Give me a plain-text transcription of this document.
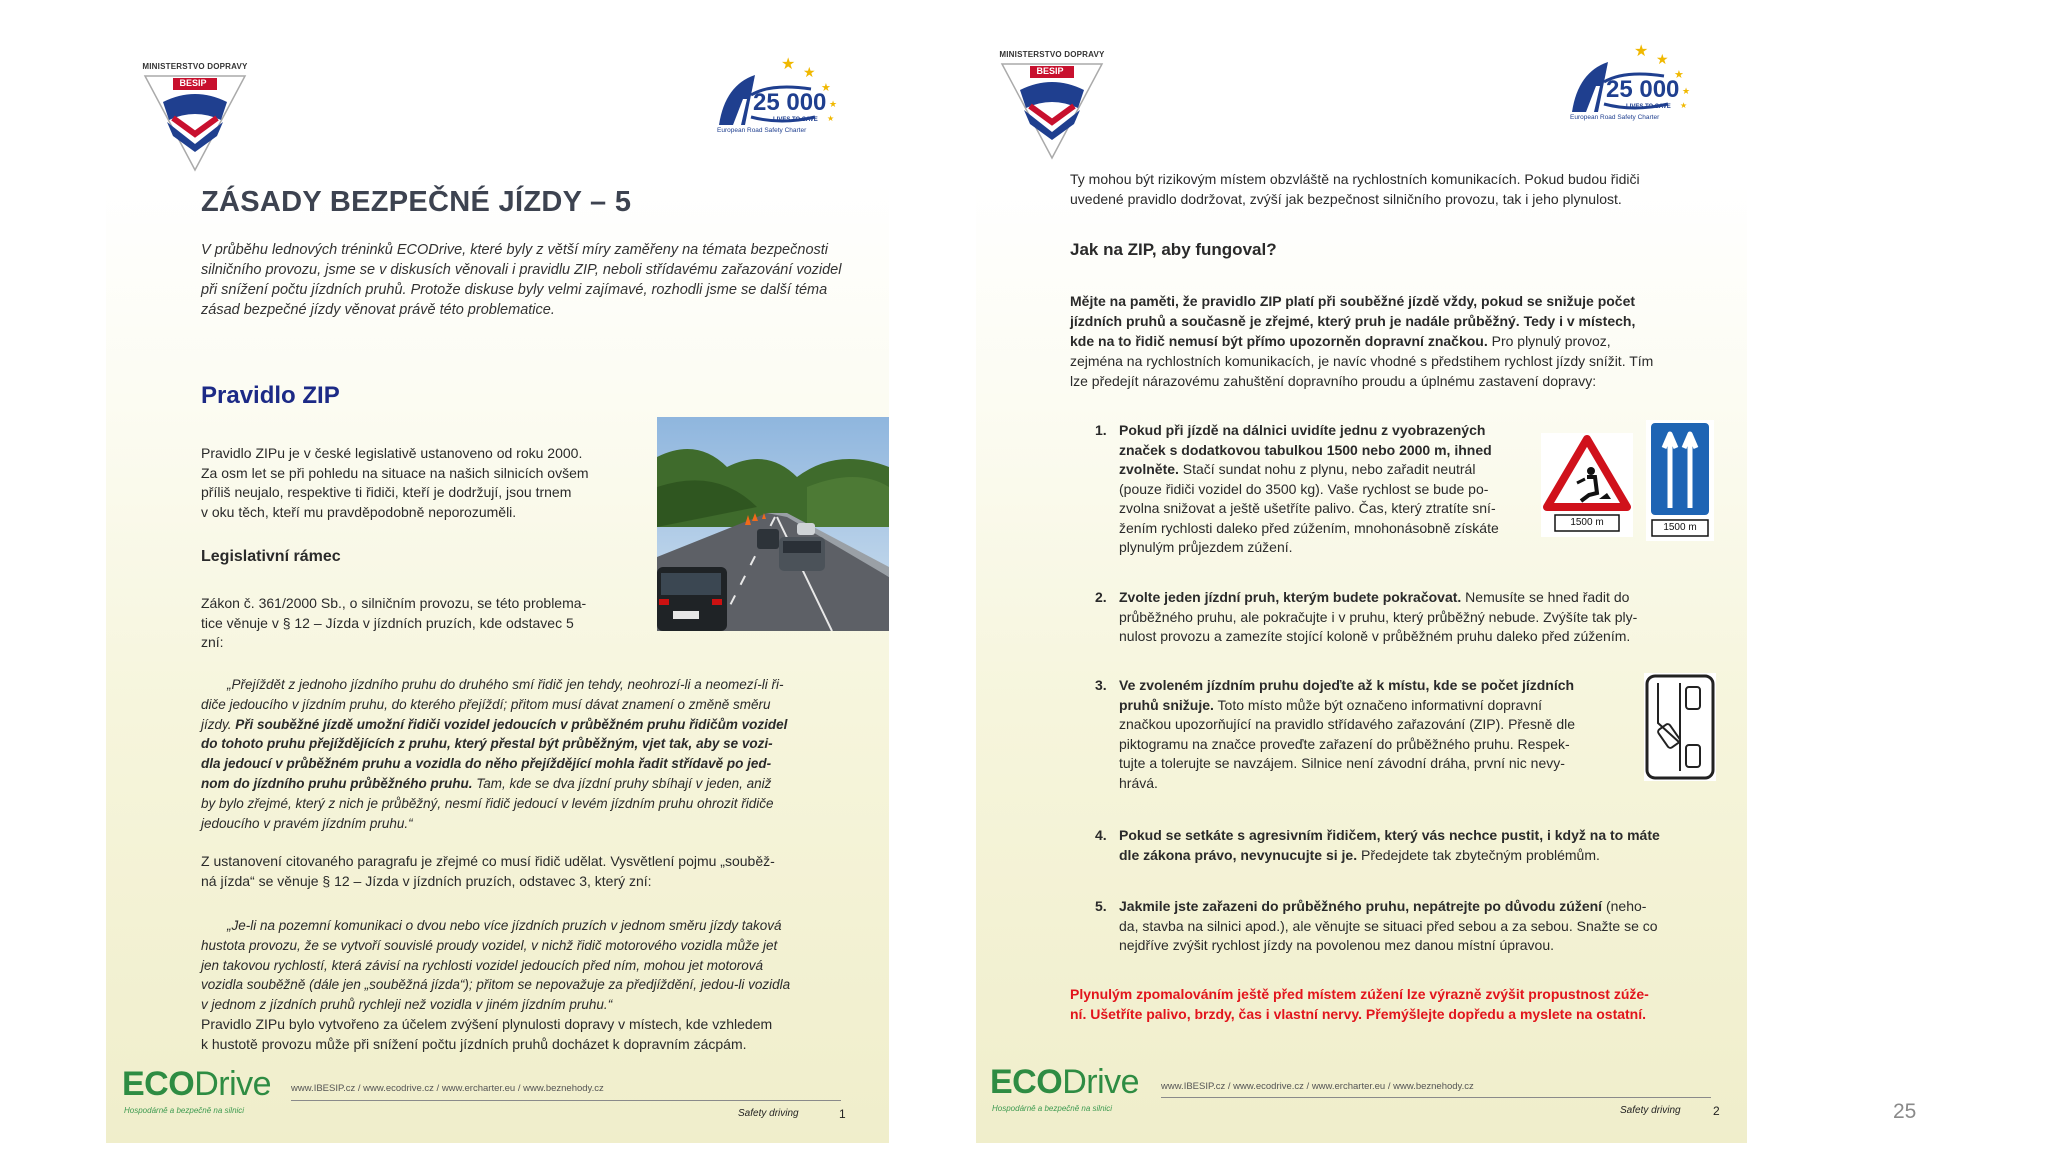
MINISTERSTVO DOPRAVY
BESIP
★ ★
★
★
★
25 000
LIVES TO SAVE
European Road Safety Charter
ZÁSADY BEZPEČNÉ JÍZDY – 5
V průběhu lednových tréninků ECODrive, které byly z větší míry zaměřeny na témata bezpečnosti
silničního provozu, jsme se v diskusích věnovali i pravidlu ZIP, neboli střídavému zařazování vozidel
při snížení počtu jízdních pruhů. Protože diskuse byly velmi zajímavé, rozhodli jsme se další téma
zásad bezpečné jízdy věnovat právě této problematice.
Pravidlo ZIP
Pravidlo ZIPu je v české legislativě ustanoveno od roku 2000.
Za osm let se při pohledu na situace na našich silnicích ovšem
příliš neujalo, respektive ti řidiči, kteří je dodržují, jsou trnem
v oku těch, kteří mu pravděpodobně neporozuměli.
Legislativní rámec
Zákon č. 361/2000 Sb., o silničním provozu, se této problema-
tice věnuje v § 12 – Jízda v jízdních pruzích, kde odstavec 5
zní:
„Přejíždět z jednoho jízdního pruhu do druhého smí řidič jen tehdy, neohrozí-li a neomezí-li ři-
diče jedoucího v jízdním pruhu, do kterého přejíždí; přitom musí dávat znamení o změně směru
jízdy. Při souběžné jízdě umožní řidiči vozidel jedoucích v průběžném pruhu řidičům vozidel
do tohoto pruhu přejíždějících z pruhu, který přestal být průběžným, vjet tak, aby se vozi-
dla jedoucí v průběžném pruhu a vozidla do něho přejíždějící mohla řadit střídavě po jed-
nom do jízdního pruhu průběžného pruhu. Tam, kde se dva jízdní pruhy sbíhají v jeden, aniž
by bylo zřejmé, který z nich je průběžný, nesmí řidič jedoucí v levém jízdním pruhu ohrozit řidiče
jedoucího v pravém jízdním pruhu.“
Z ustanovení citovaného paragrafu je zřejmé co musí řidič udělat. Vysvětlení pojmu „souběž-
ná jízda“ se věnuje § 12 – Jízda v jízdních pruzích, odstavec 3, který zní:
„Je-li na pozemní komunikaci o dvou nebo více jízdních pruzích v jednom směru jízdy taková
hustota provozu, že se vytvoří souvislé proudy vozidel, v nichž řidič motorového vozidla může jet
jen takovou rychlostí, která závisí na rychlosti vozidel jedoucích před ním, mohou jet motorová
vozidla souběžně (dále jen „souběžná jízda“); přitom se nepovažuje za předjíždění, jedou-li vozidla
v jednom z jízdních pruhů rychleji než vozidla v jiném jízdním pruhu.“
Pravidlo ZIPu bylo vytvořeno za účelem zvýšení plynulosti dopravy v místech, kde vzhledem
k hustotě provozu může při snížení počtu jízdních pruhů docházet k dopravním zácpám.
ECODrive
Hospodárně a bezpečně na silnici
www.IBESIP.cz / www.ecodrive.cz / www.ercharter.eu / www.beznehody.cz
Safety driving	1
MINISTERSTVO DOPRAVY
BESIP
★ ★
★
★
★
25 000
LIVES TO SAVE
European Road Safety Charter
Ty mohou být rizikovým místem obzvláště na rychlostních komunikacích. Pokud budou řidiči
uvedené pravidlo dodržovat, zvýší jak bezpečnost silničního provozu, tak i jeho plynulost.
Jak na ZIP, aby fungoval?
Mějte na paměti, že pravidlo ZIP platí při souběžné jízdě vždy, pokud se snižuje počet
jízdních pruhů a současně je zřejmé, který pruh je nadále průběžný. Tedy i v místech,
kde na to řidič nemusí být přímo upozorněn dopravní značkou. Pro plynulý provoz,
zejména na rychlostních komunikacích, je navíc vhodné s předstihem rychlost jízdy snížit. Tím
lze předejít nárazovému zahuštění dopravního proudu a úplnému zastavení dopravy:
1. Pokud při jízdě na dálnici uvidíte jednu z vyobrazených
značek s dodatkovou tabulkou 1500 nebo 2000 m, ihned
zvolněte. Stačí sundat nohu z plynu, nebo zařadit neutrál
(pouze řidiči vozidel do 3500 kg). Vaše rychlost se bude po-
zvolna snižovat a ještě ušetříte palivo. Čas, který ztratíte sní-
žením rychlosti daleko před zúžením, mnohonásobně získáte
plynulým průjezdem zúžení.
1500 m	1500 m
2. Zvolte jeden jízdní pruh, kterým budete pokračovat. Nemusíte se hned řadit do
průběžného pruhu, ale pokračujte i v pruhu, který průběžný nebude. Zvýšíte tak ply-
nulost provozu a zamezíte stojící koloně v průběžném pruhu daleko před zúžením.
3. Ve zvoleném jízdním pruhu dojeďte až k místu, kde se počet jízdních
pruhů snižuje. Toto místo může být označeno informativní dopravní
značkou upozorňující na pravidlo střídavého zařazování (ZIP). Přesně dle
piktogramu na značce proveďte zařazení do průběžného pruhu. Respek-
tujte a tolerujte se navzájem. Silnice není závodní dráha, první nic nevy-
hrává.
4. Pokud se setkáte s agresivním řidičem, který vás nechce pustit, i když na to máte
dle zákona právo, nevynucujte si je. Předejdete tak zbytečným problémům.
5. Jakmile jste zařazeni do průběžného pruhu, nepátrejte po důvodu zúžení (neho-
da, stavba na silnici apod.), ale věnujte se situaci před sebou a za sebou. Snažte se co
nejdříve zvýšit rychlost jízdy na povolenou mez danou místní úpravou.
Plynulým zpomalováním ještě před místem zúžení lze výrazně zvýšit propustnost zúže-
ní. Ušetříte palivo, brzdy, čas i vlastní nervy. Přemýšlejte dopředu a myslete na ostatní.
ECODrive
Hospodárně a bezpečně na silnici
www.IBESIP.cz / www.ecodrive.cz / www.ercharter.eu / www.beznehody.cz
Safety driving	2	25
